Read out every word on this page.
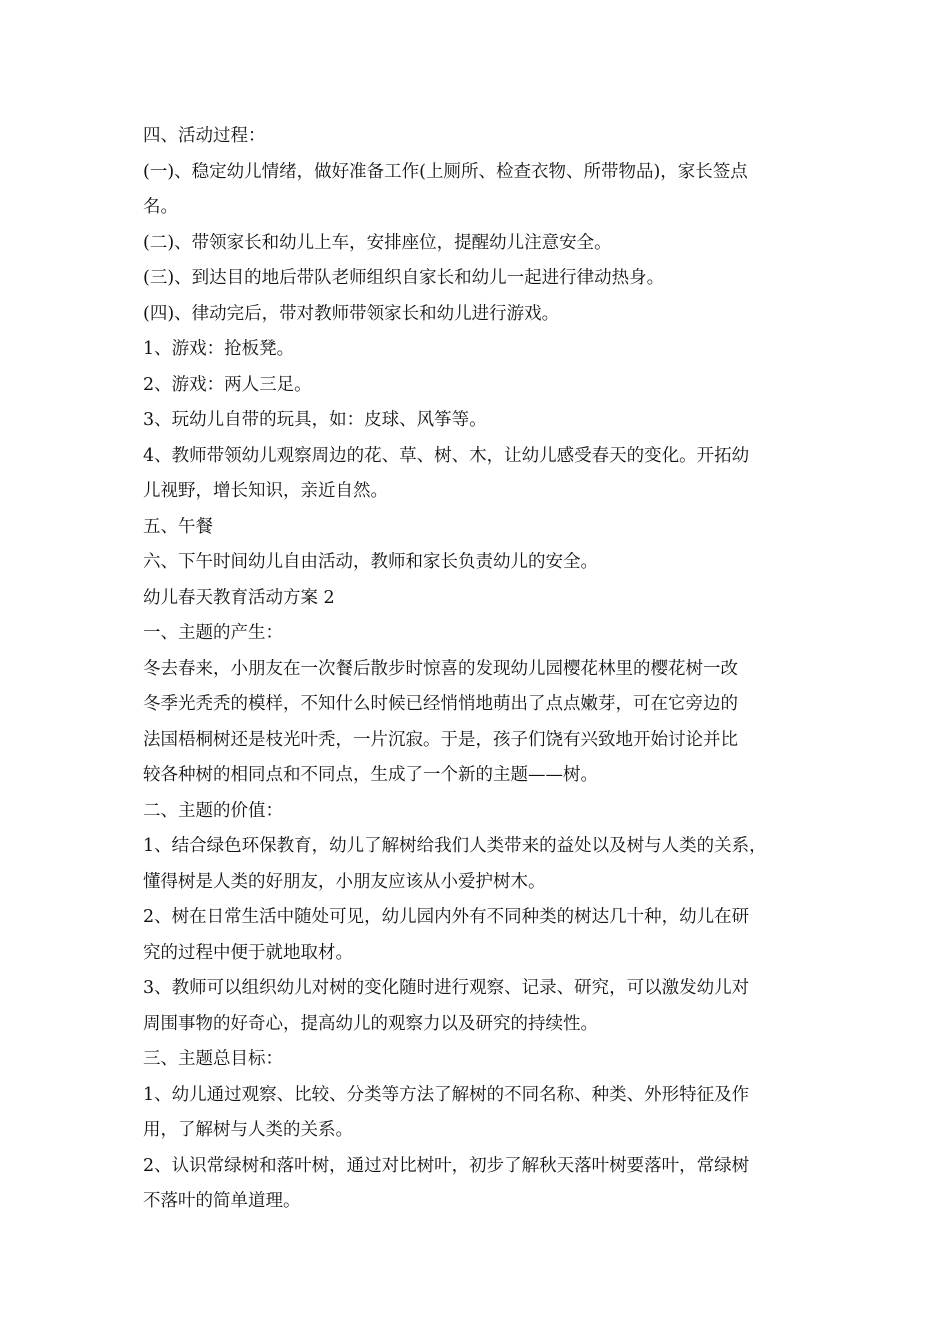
四、活动过程：
(一)、稳定幼儿情绪，做好准备工作(上厕所、检查衣物、所带物品)，家长签点
名。
(二)、带领家长和幼儿上车，安排座位，提醒幼儿注意安全。
(三)、到达目的地后带队老师组织自家长和幼儿一起进行律动热身。
(四)、律动完后，带对教师带领家长和幼儿进行游戏。
1、游戏：抢板凳。
2、游戏：两人三足。
3、玩幼儿自带的玩具，如：皮球、风筝等。
4、教师带领幼儿观察周边的花、草、树、木，让幼儿感受春天的变化。开拓幼
儿视野，增长知识，亲近自然。
五、午餐
六、下午时间幼儿自由活动，教师和家长负责幼儿的安全。
幼儿春天教育活动方案 2
一、主题的产生：
冬去春来，小朋友在一次餐后散步时惊喜的发现幼儿园樱花林里的樱花树一改
冬季光秃秃的模样，不知什么时候已经悄悄地萌出了点点嫩芽，可在它旁边的
法国梧桐树还是枝光叶秃，一片沉寂。于是，孩子们饶有兴致地开始讨论并比
较各种树的相同点和不同点，生成了一个新的主题——树。
二、主题的价值：
1、结合绿色环保教育，幼儿了解树给我们人类带来的益处以及树与人类的关系，
懂得树是人类的好朋友，小朋友应该从小爱护树木。
2、树在日常生活中随处可见，幼儿园内外有不同种类的树达几十种，幼儿在研
究的过程中便于就地取材。
3、教师可以组织幼儿对树的变化随时进行观察、记录、研究，可以激发幼儿对
周围事物的好奇心，提高幼儿的观察力以及研究的持续性。
三、主题总目标：
1、幼儿通过观察、比较、分类等方法了解树的不同名称、种类、外形特征及作
用，了解树与人类的关系。
2、认识常绿树和落叶树，通过对比树叶，初步了解秋天落叶树要落叶，常绿树
不落叶的简单道理。
